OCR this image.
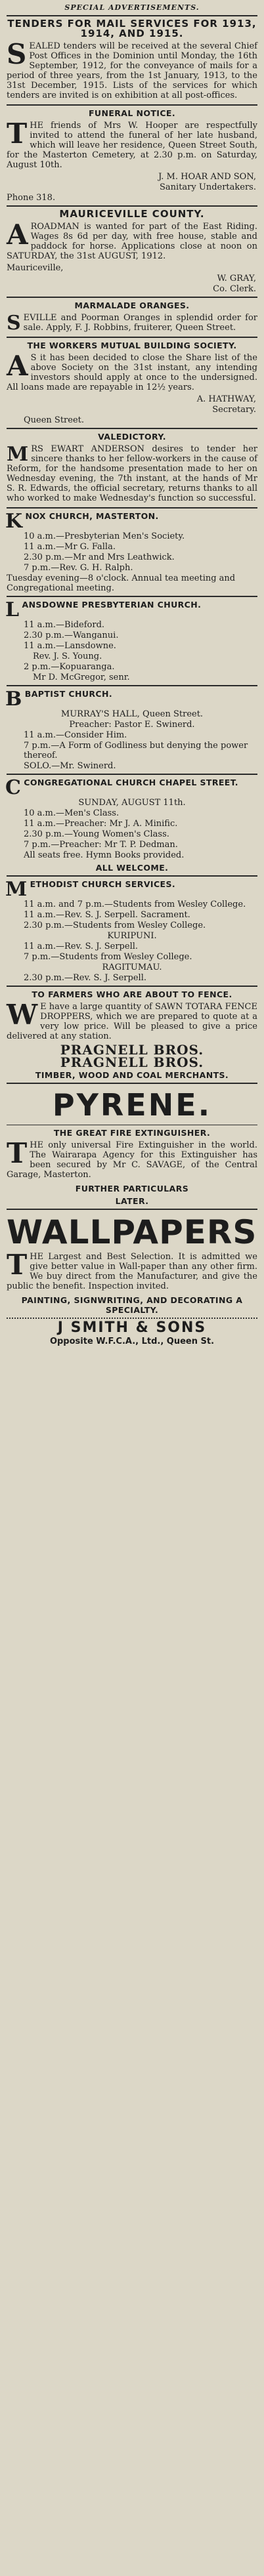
SPECIAL ADVERTISEMENTS.
TENDERS FOR MAIL SERVICES FOR 1913, 1914, AND 1915.

SEALED tenders will be received at the several Chief Post Offices in the Dominion until Monday, the 16th September, 1912, for the conveyance of mails for a period of three years, from the 1st January, 1913, to the 31st December, 1915. Lists of the services for which tenders are invited is on exhibition at all post-offices.

FUNERAL NOTICE.

THE friends of Mrs W. Hooper are respectfully invited to attend the funeral of her late husband, which will leave her residence, Queen Street South, for the Masterton Cemetery, at 2.30 p.m. on Saturday, August 10th.

J. M. HOAR AND SON,
Sanitary Undertakers.
Phone 318.
MAURICEVILLE COUNTY.

AROADMAN is wanted for part of the East Riding. Wages 8s 6d per day, with free house, stable and paddock for horse. Applications close at noon on SATURDAY, the 31st AUGUST, 1912.

Mauriceville,
W. GRAY,
Co. Clerk.
MARMALADE ORANGES.

SEVILLE and Poorman Oranges in splendid order for sale. Apply, F. J. Robbins, fruiterer, Queen Street.

THE WORKERS MUTUAL BUILDING SOCIETY.

A S it has been decided to close the Share list of the above Society on the 31st instant, any intending investors should apply at once to the undersigned. All loans made are repayable in 12½ years.

A. HATHWAY,
Secretary.
Queen Street.
VALEDICTORY.

MRS EWART ANDERSON desires to tender her sincere thanks to her fellow-workers in the cause of Reform, for the handsome presentation made to her on Wednesday evening, the 7th instant, at the hands of Mr S. R. Edwards, the official secretary, returns thanks to all who worked to make Wednesday's function so successful.

KNOX CHURCH, MASTERTON.
10 a.m.—Presbyterian Men's Society.
11 a.m.—Mr G. Falla.
2.30 p.m.—Mr and Mrs Leathwick.
7 p.m.—Rev. G. H. Ralph.
Tuesday evening—8 o'clock. Annual tea meeting and Congregational meeting.
LANSDOWNE PRESBYTERIAN CHURCH.
11 a.m.—Bideford.
2.30 p.m.—Wanganui.
11 a.m.—Lansdowne.
Rev. J. S. Young.
2 p.m.—Kopuaranga.
Mr D. McGregor, senr.
BBAPTIST CHURCH.
MURRAY'S HALL, Queen Street.
Preacher: Pastor E. Swinerd.
11 a.m.—Consider Him.
7 p.m.—A Form of Godliness but denying the power thereof.
SOLO.—Mr. Swinerd.
CCONGREGATIONAL CHURCH CHAPEL STREET.
SUNDAY, AUGUST 11th.
10 a.m.—Men's Class.
11 a.m.—Preacher: Mr J. A. Minific.
2.30 p.m.—Young Women's Class.
7 p.m.—Preacher: Mr T. P. Dedman.
All seats free. Hymn Books provided.
ALL WELCOME.
METHODIST CHURCH SERVICES.
11 a.m. and 7 p.m.—Students from Wesley College.
11 a.m.—Rev. S. J. Serpell. Sacrament.
2.30 p.m.—Students from Wesley College.
KURIPUNI.
11 a.m.—Rev. S. J. Serpell.
7 p.m.—Students from Wesley College.
RAGITUMAU.
2.30 p.m.—Rev. S. J. Serpell.
TO FARMERS WHO ARE ABOUT TO FENCE.

W E have a large quantity of SAWN TOTARA FENCE DROPPERS, which we are prepared to quote at a very low price. Will be pleased to give a price delivered at any station.

PRAGNELL BROS.
PRAGNELL BROS.
TIMBER, WOOD AND COAL MERCHANTS.
PYRENE.
THE GREAT FIRE EXTINGUISHER.

THE only universal Fire Extinguisher in the world. The Wairarapa Agency for this Extinguisher has been secured by Mr C. SAVAGE, of the Central Garage, Masterton.

FURTHER PARTICULARS
LATER.
WALLPAPERS

THE Largest and Best Selection. It is admitted we give better value in Wall-paper than any other firm. We buy direct from the Manufacturer, and give the public the benefit. Inspection invited.

PAINTING, SIGNWRITING, AND DECORATING A SPECIALTY.
J SMITH & SONS
Opposite W.F.C.A., Ltd., Queen St.
